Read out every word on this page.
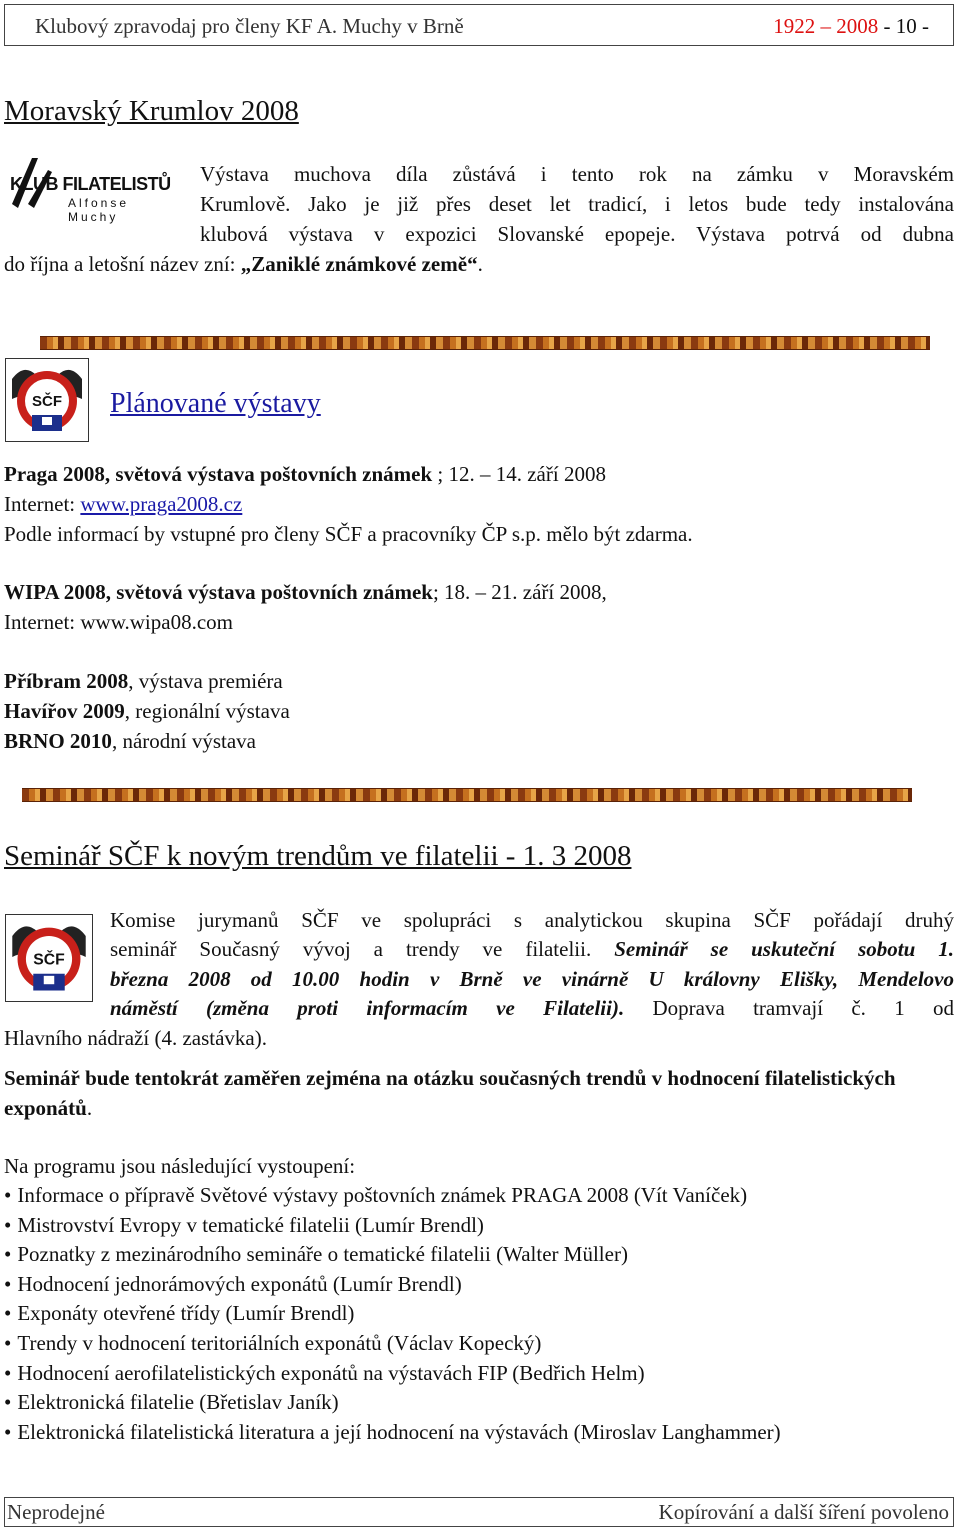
Klubový zpravodaj pro členy KF A. Muchy v Brně	1922 – 2008 - 10 -
Moravský Krumlov 2008
KLUB FILATELISTŮ
Alfonse Muchy
Výstava muchova díla zůstává i tento rok na zámku v Moravském
Krumlově. Jako je již přes deset let tradicí, i letos bude tedy instalována
klubová výstava v expozici Slovanské epopeje. Výstava potrvá od dubna
do října a letošní název zní: „Zaniklé známkové země“.
SČF Plánované výstavy
Praga 2008, světová výstava poštovních známek ; 12. – 14. září 2008
Internet: www.praga2008.cz
Podle informací by vstupné pro členy SČF a pracovníky ČP s.p. mělo být zdarma.
WIPA 2008, světová výstava poštovních známek; 18. – 21. září 2008,
Internet: www.wipa08.com
Příbram 2008, výstava premiéra
Havířov 2009, regionální výstava
BRNO 2010, národní výstava
Seminář SČF k novým trendům ve filatelii - 1. 3 2008
SČF
Komise jurymanů SČF ve spolupráci s analytickou skupina SČF pořádají druhý
seminář Současný vývoj a trendy ve filatelii. Seminář se uskuteční sobotu 1.
března 2008 od 10.00 hodin v Brně ve vinárně U královny Elišky, Mendelovo
náměstí (změna proti informacím ve Filatelii). Doprava tramvají č. 1 od
Hlavního nádraží (4. zastávka).
Seminář bude tentokrát zaměřen zejména na otázku současných trendů v hodnocení filatelistických exponátů.
Na programu jsou následující vystoupení:
• Informace o přípravě Světové výstavy poštovních známek PRAGA 2008 (Vít Vaníček)
• Mistrovství Evropy v tematické filatelii (Lumír Brendl)
• Poznatky z mezinárodního semináře o tematické filatelii (Walter Müller)
• Hodnocení jednorámových exponátů (Lumír Brendl)
• Exponáty otevřené třídy (Lumír Brendl)
• Trendy v hodnocení teritoriálních exponátů (Václav Kopecký)
• Hodnocení aerofilatelistických exponátů na výstavách FIP (Bedřich Helm)
• Elektronická filatelie (Břetislav Janík)
• Elektronická filatelistická literatura a její hodnocení na výstavách (Miroslav Langhammer)
Neprodejné	Kopírování a další šíření povoleno
